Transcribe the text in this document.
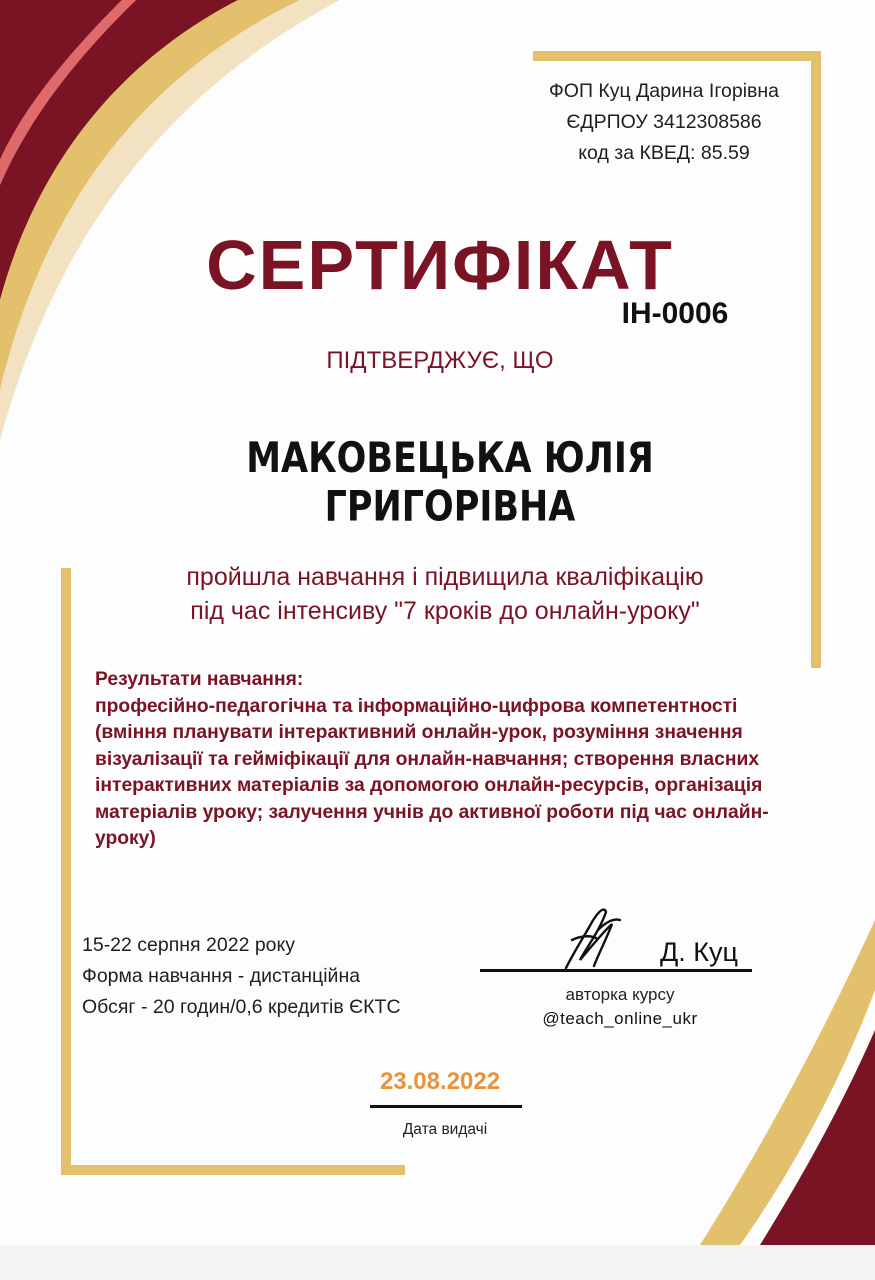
ФОП Куц Дарина Ігорівна
ЄДРПОУ 3412308586
код за КВЕД: 85.59
СЕРТИФІКАТ
ІН-0006
ПІДТВЕРДЖУЄ, ЩО
МАКОВЕЦЬКА ЮЛІЯ ГРИГОРІВНА
пройшла навчання і підвищила кваліфікацію
під час інтенсиву "7 кроків до онлайн-уроку"

Результати навчання:

професійно-педагогічна та інформаційно-цифрова компетентності (вміння планувати інтерактивний онлайн-урок, розуміння значення візуалізації та гейміфікації для онлайн-навчання; створення власних інтерактивних матеріалів за допомогою онлайн-ресурсів, організація матеріалів уроку; залучення учнів до активної роботи під час онлайн-уроку)

15-22 серпня 2022 року

Форма навчання - дистанційна

Обсяг - 20 годин/0,6 кредитів ЄКТС

Д. Куц
авторка курсу
@teach_online_ukr
23.08.2022
Дата видачі
